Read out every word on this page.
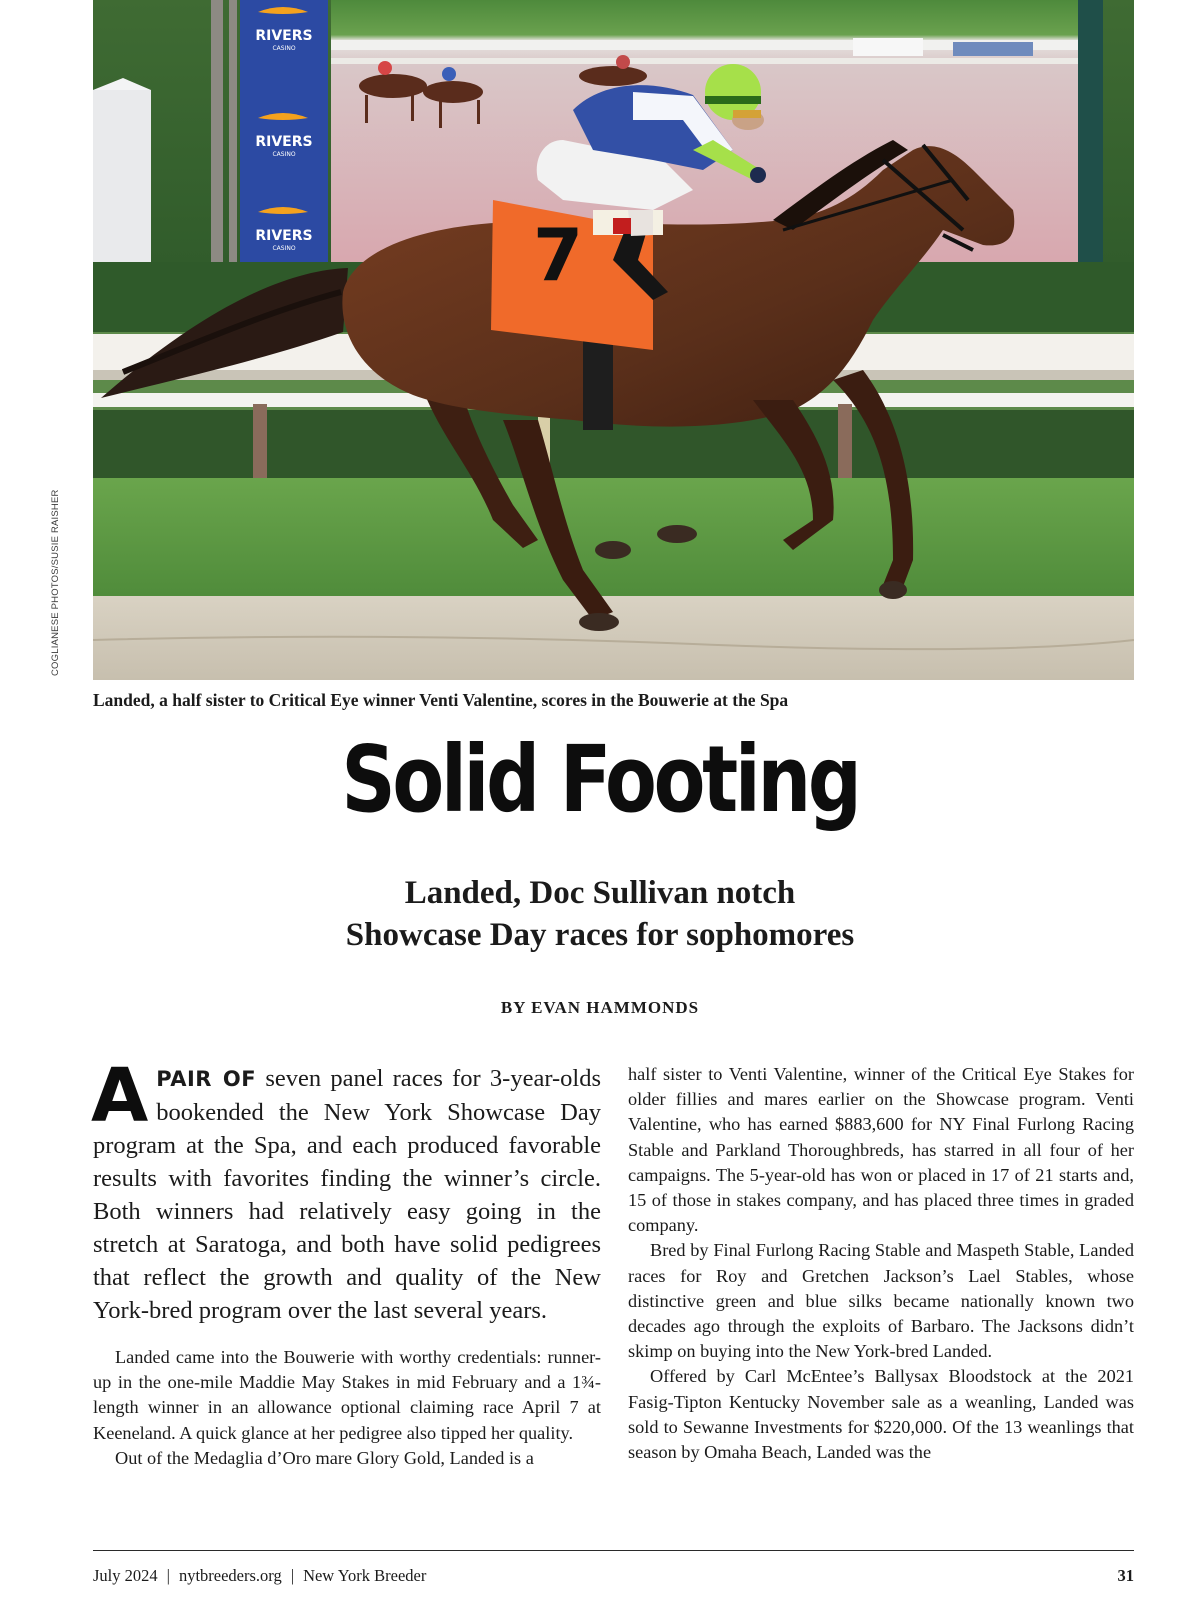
RIVERS
CASINO
RIVERS
CASINO
RIVERS
CASINO	7
COGLIANESE PHOTOS/SUSIE RAISHER
Landed, a half sister to Critical Eye winner Venti Valentine, scores in the Bouwerie at the Spa
Solid Footing
Landed, Doc Sullivan notch
Showcase Day races for sophomores
BY EVAN HAMMONDS

APAIR OF seven panel races for 3-year-olds bookended the New York Showcase Day program at the Spa, and each produced favorable results with favorites finding the winner’s circle. Both winners had relatively easy going in the stretch at Saratoga, and both have solid pedigrees that reflect the growth and quality of the New York-bred program over the last several years.

Landed came into the Bouwerie with worthy credentials: runner-up in the one-mile Maddie May Stakes in mid February and a 1¾-length winner in an allowance optional claiming race April 7 at Keeneland. A quick glance at her pedigree also tipped her quality.

Out of the Medaglia d’Oro mare Glory Gold, Landed is a

half sister to Venti Valentine, winner of the Critical Eye Stakes for older fillies and mares earlier on the Showcase program. Venti Valentine, who has earned $883,600 for NY Final Furlong Racing Stable and Parkland Thoroughbreds, has starred in all four of her campaigns. The 5-year-old has won or placed in 17 of 21 starts and, 15 of those in stakes company, and has placed three times in graded company.

Bred by Final Furlong Racing Stable and Maspeth Stable, Landed races for Roy and Gretchen Jackson’s Lael Stables, whose distinctive green and blue silks became nationally known two decades ago through the exploits of Barbaro. The Jacksons didn’t skimp on buying into the New York-bred Landed.

Offered by Carl McEntee’s Ballysax Bloodstock at the 2021 Fasig-Tipton Kentucky November sale as a weanling, Landed was sold to Sewanne Investments for $220,000. Of the 13 weanlings that season by Omaha Beach, Landed was the

July 2024 | nytbreeders.org | New York Breeder	31
